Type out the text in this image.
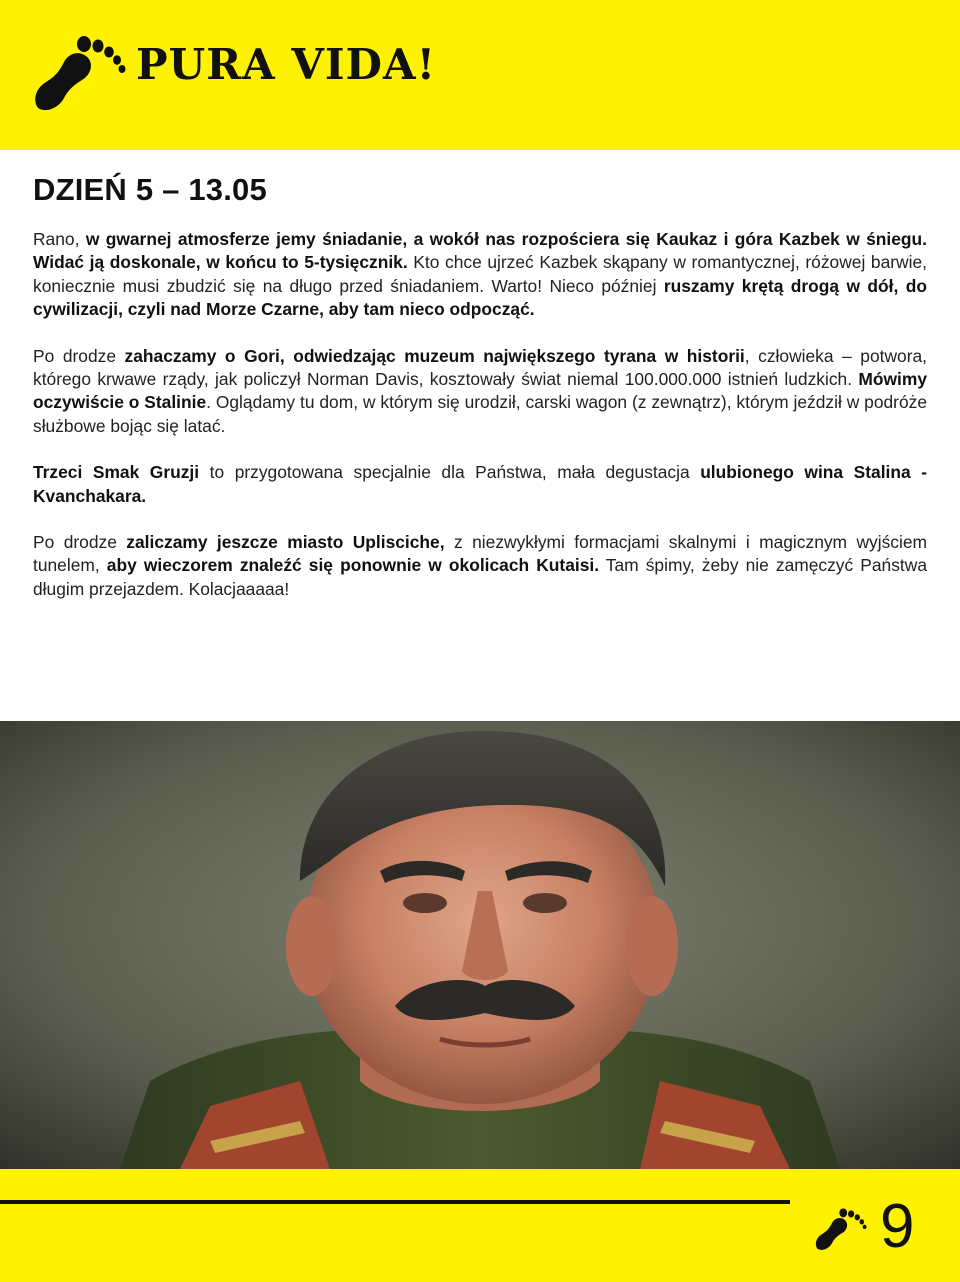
PURA VIDA!
DZIEŃ 5 – 13.05

Rano, w gwarnej atmosferze jemy śniadanie, a wokół nas rozpościera się Kaukaz i góra Kazbek w śniegu. Widać ją doskonale, w końcu to 5-tysięcznik. Kto chce ujrzeć Kazbek skąpany w romantycznej, różowej barwie, koniecznie musi zbudzić się na długo przed śniadaniem. Warto! Nieco później ruszamy krętą drogą w dół, do cywilizacji, czyli nad Morze Czarne, aby tam nieco odpocząć.

Po drodze zahaczamy o Gori, odwiedzając muzeum największego tyrana w historii, człowieka – potwora, którego krwawe rządy, jak policzył Norman Davis, kosztowały świat niemal 100.000.000 istnień ludzkich. Mówimy oczywiście o Stalinie. Oglądamy tu dom, w którym się urodził, carski wagon (z zewnątrz), którym jeździł w podróże służbowe bojąc się latać.

Trzeci Smak Gruzji to przygotowana specjalnie dla Państwa, mała degustacja ulubionego wina Stalina - Kvanchakara.

Po drodze zaliczamy jeszcze miasto Uplisciche, z niezwykłymi formacjami skalnymi i magicznym wyjściem tunelem, aby wieczorem znaleźć się ponownie w okolicach Kutaisi. Tam śpimy, żeby nie zamęczyć Państwa długim przejazdem. Kolacjaaaaa!

9
